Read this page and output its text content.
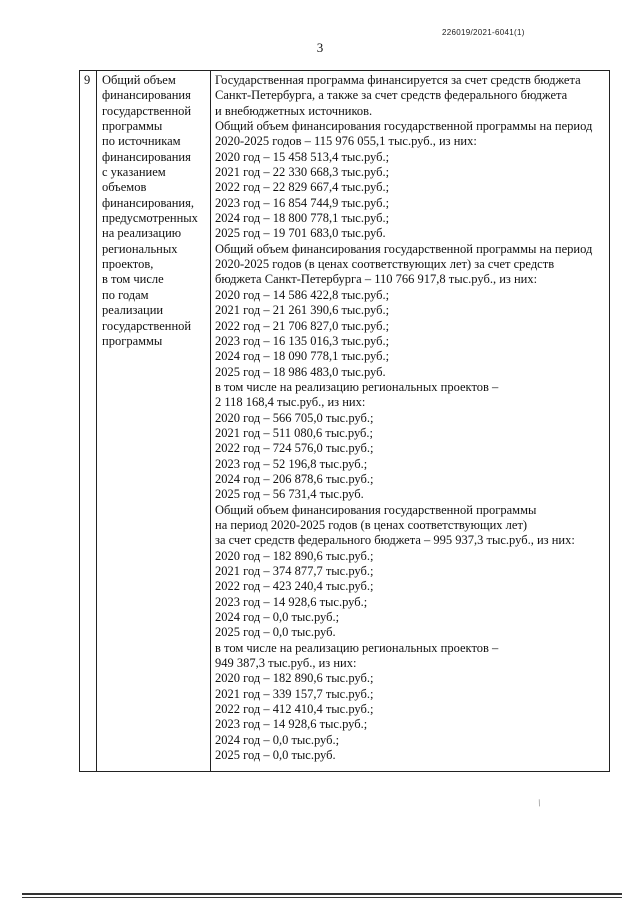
226019/2021-6041(1)
3
9 Общий объем
финансирования
государственной
программы
по источникам
финансирования
с указанием
объемов
финансирования,
предусмотренных
на реализацию
региональных
проектов,
в том числе
по годам
реализации
государственной
программы
Государственная программа финансируется за счет средств бюджета
Санкт-Петербурга, а также за счет средств федерального бюджета
и внебюджетных источников.
Общий объем финансирования государственной программы на период
2020-2025 годов – 115 976 055,1 тыс.руб., из них:
2020 год – 15 458 513,4 тыс.руб.;
2021 год – 22 330 668,3 тыс.руб.;
2022 год – 22 829 667,4 тыс.руб.;
2023 год – 16 854 744,9 тыс.руб.;
2024 год – 18 800 778,1 тыс.руб.;
2025 год – 19 701 683,0 тыс.руб.
Общий объем финансирования государственной программы на период
2020-2025 годов (в ценах соответствующих лет) за счет средств
бюджета Санкт-Петербурга – 110 766 917,8 тыс.руб., из них:
2020 год – 14 586 422,8 тыс.руб.;
2021 год – 21 261 390,6 тыс.руб.;
2022 год – 21 706 827,0 тыс.руб.;
2023 год – 16 135 016,3 тыс.руб.;
2024 год – 18 090 778,1 тыс.руб.;
2025 год – 18 986 483,0 тыс.руб.
в том числе на реализацию региональных проектов –
2 118 168,4 тыс.руб., из них:
2020 год – 566 705,0 тыс.руб.;
2021 год – 511 080,6 тыс.руб.;
2022 год – 724 576,0 тыс.руб.;
2023 год – 52 196,8 тыс.руб.;
2024 год – 206 878,6 тыс.руб.;
2025 год – 56 731,4 тыс.руб.
Общий объем финансирования государственной программы
на период 2020-2025 годов (в ценах соответствующих лет)
за счет средств федерального бюджета – 995 937,3 тыс.руб., из них:
2020 год – 182 890,6 тыс.руб.;
2021 год – 374 877,7 тыс.руб.;
2022 год – 423 240,4 тыс.руб.;
2023 год – 14 928,6 тыс.руб.;
2024 год – 0,0 тыс.руб.;
2025 год – 0,0 тыс.руб.
в том числе на реализацию региональных проектов –
949 387,3 тыс.руб., из них:
2020 год – 182 890,6 тыс.руб.;
2021 год – 339 157,7 тыс.руб.;
2022 год – 412 410,4 тыс.руб.;
2023 год – 14 928,6 тыс.руб.;
2024 год – 0,0 тыс.руб.;
2025 год – 0,0 тыс.руб.
/
